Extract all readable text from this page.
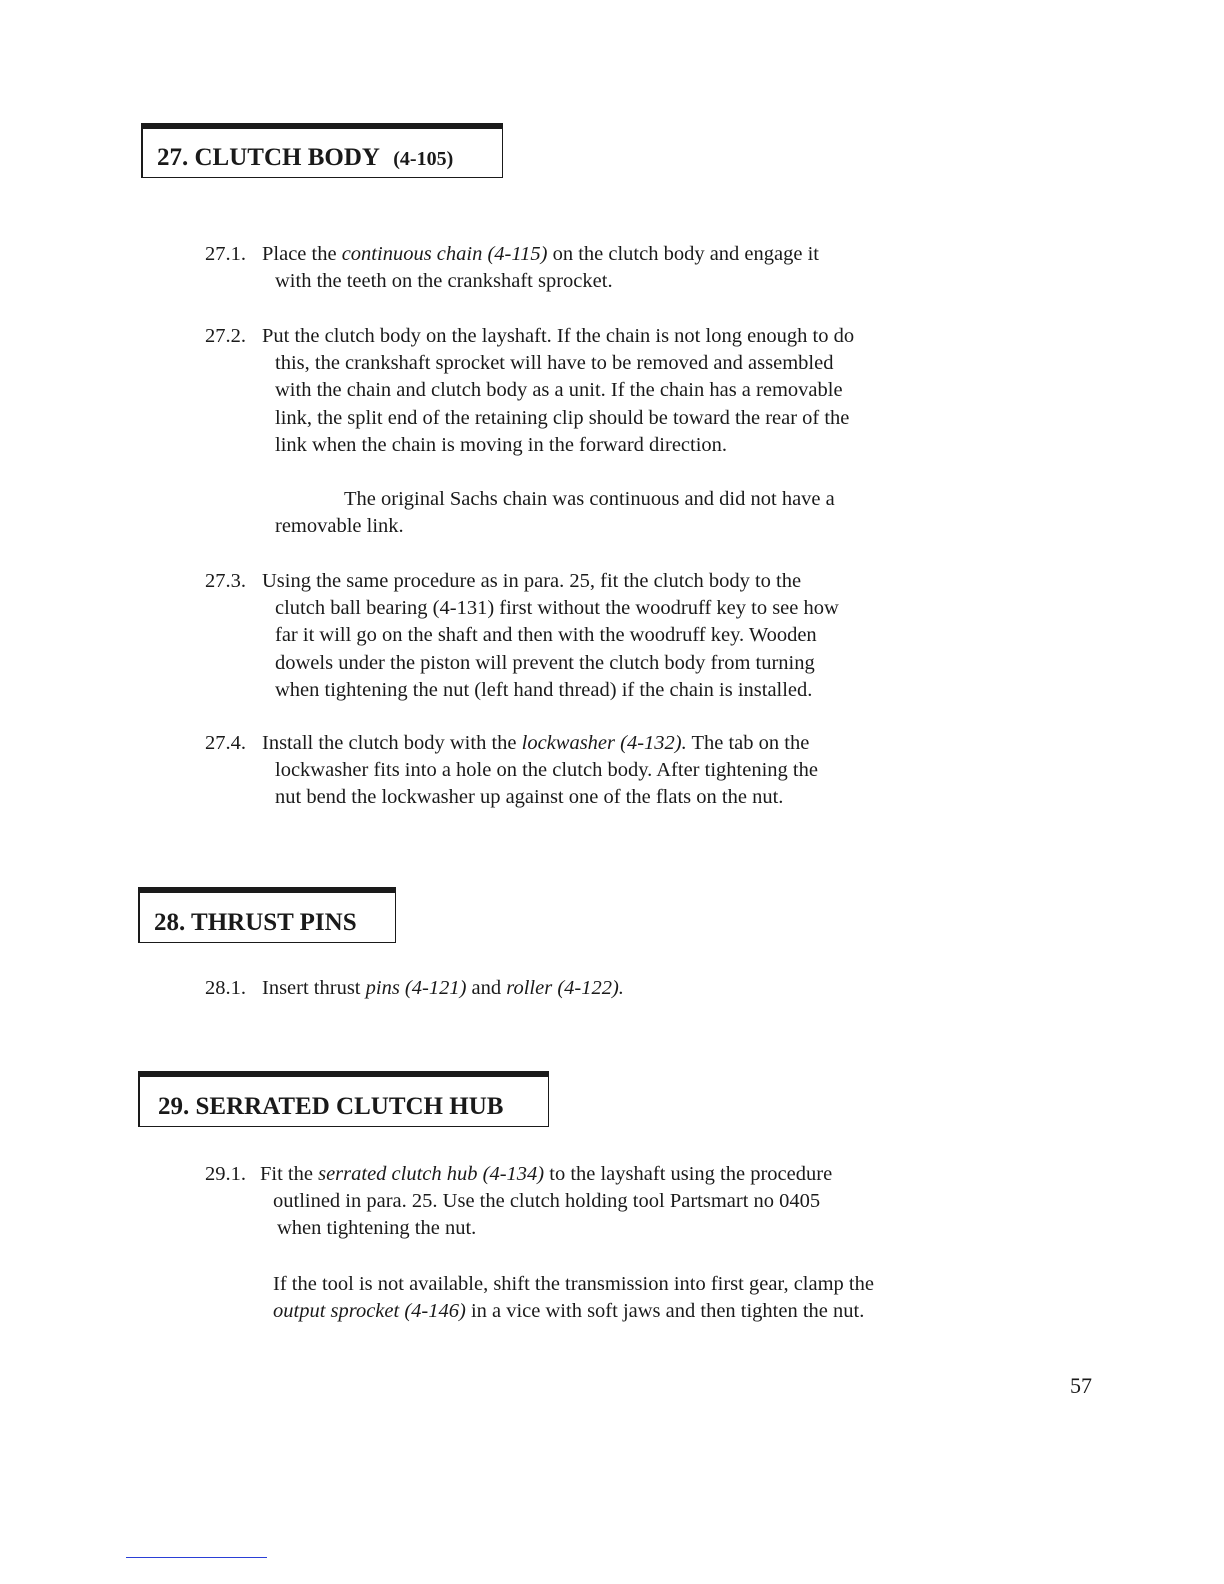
27. CLUTCH BODY (4-105)
27.1. Place the continuous chain (4-115) on the clutch body and engage it
with the teeth on the crankshaft sprocket.
27.2. Put the clutch body on the layshaft. If the chain is not long enough to do
this, the crankshaft sprocket will have to be removed and assembled
with the chain and clutch body as a unit. If the chain has a removable
link, the split end of the retaining clip should be toward the rear of the
link when the chain is moving in the forward direction.
The original Sachs chain was continuous and did not have a
removable link.
27.3. Using the same procedure as in para. 25, fit the clutch body to the
clutch ball bearing (4-131) first without the woodruff key to see how
far it will go on the shaft and then with the woodruff key. Wooden
dowels under the piston will prevent the clutch body from turning
when tightening the nut (left hand thread) if the chain is installed.
27.4. Install the clutch body with the lockwasher (4-132). The tab on the
lockwasher fits into a hole on the clutch body. After tightening the
nut bend the lockwasher up against one of the flats on the nut.
28. THRUST PINS
28.1. Insert thrust pins (4-121) and roller (4-122).
29. SERRATED CLUTCH HUB
29.1. Fit the serrated clutch hub (4-134) to the layshaft using the procedure
outlined in para. 25. Use the clutch holding tool Partsmart no 0405
when tightening the nut.
If the tool is not available, shift the transmission into first gear, clamp the
output sprocket (4-146) in a vice with soft jaws and then tighten the nut.
57
